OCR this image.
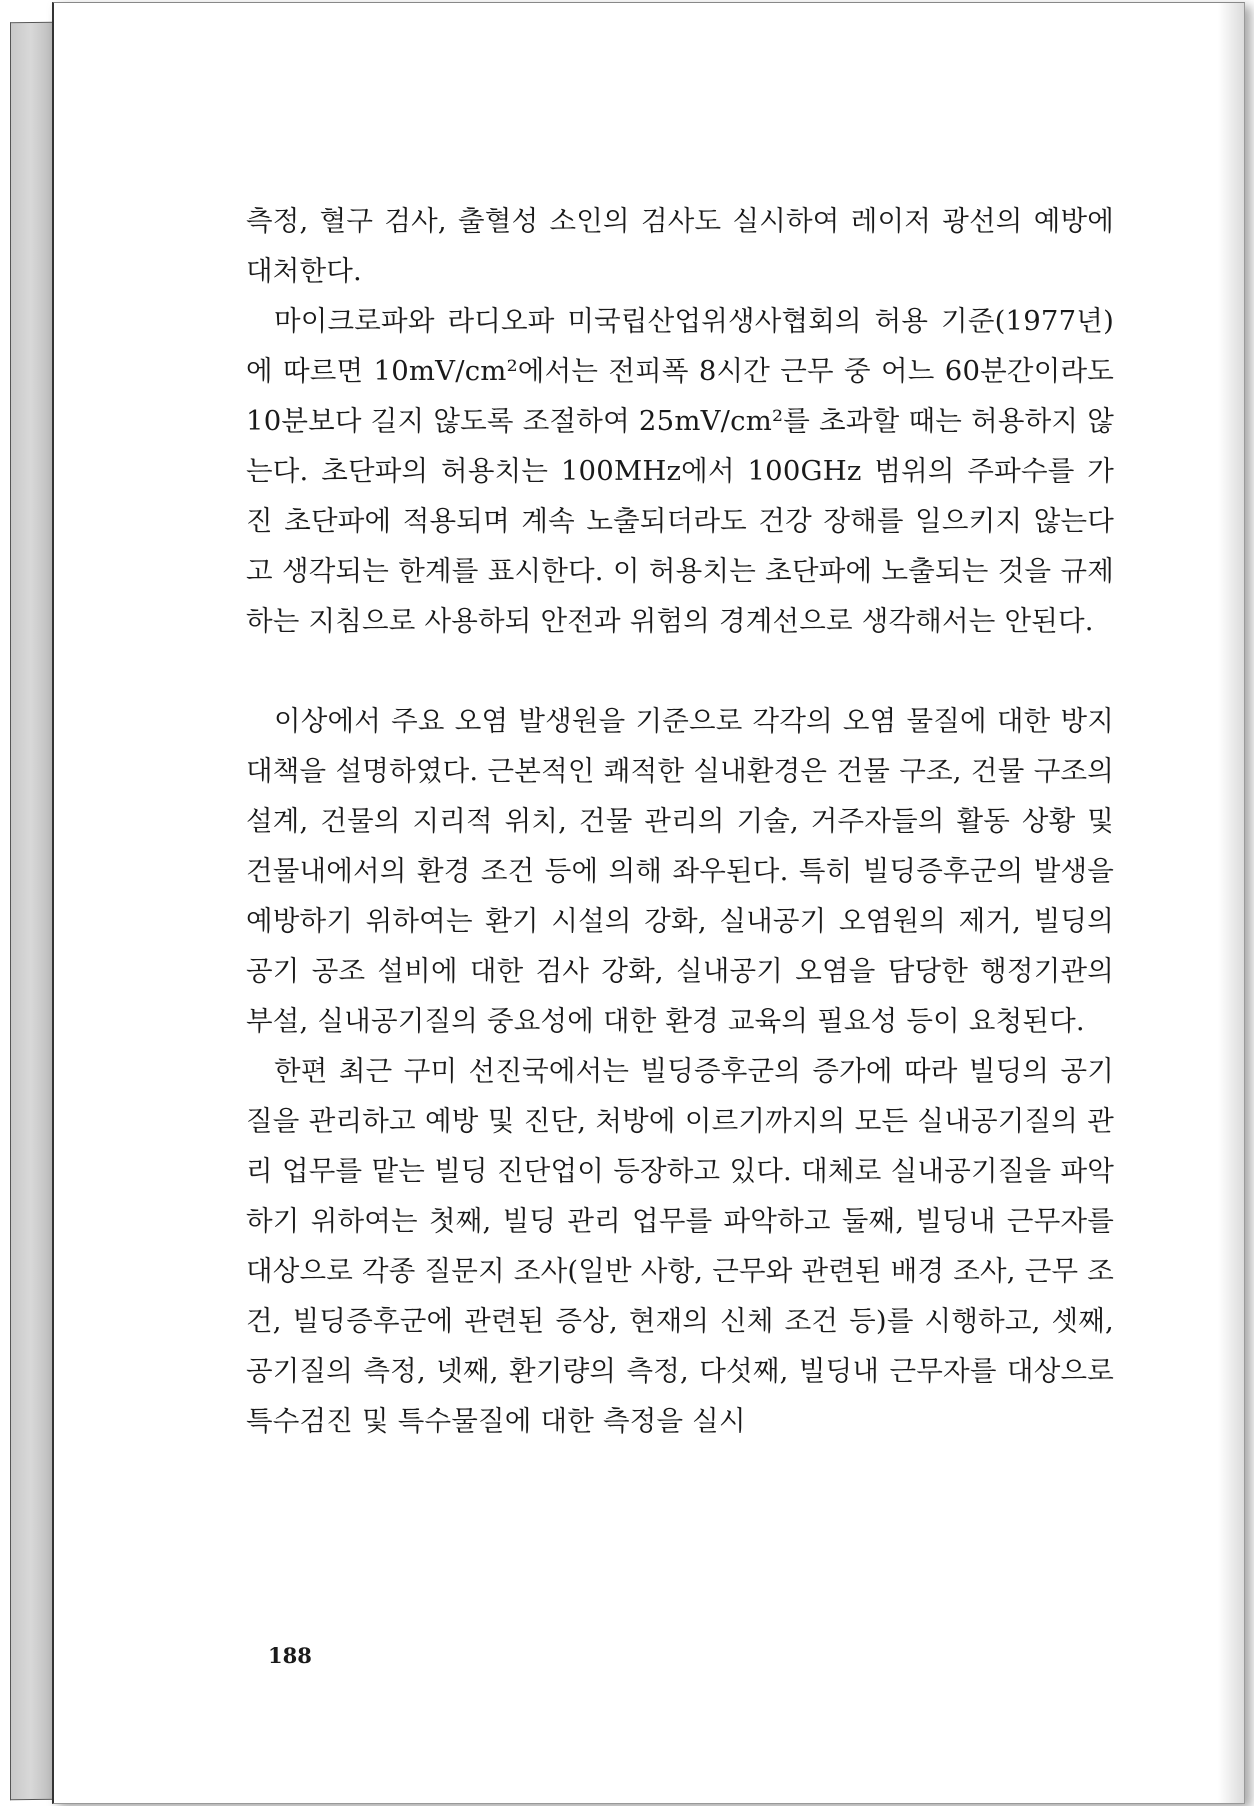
측정, 혈구 검사, 출혈성 소인의 검사도 실시하여 레이저 광선의 예방에 대처한다.

마이크로파와 라디오파 미국립산업위생사협회의 허용 기준(1977년)에 따르면 10mV/cm²에서는 전피폭 8시간 근무 중 어느 60분간이라도 10분보다 길지 않도록 조절하여 25mV/cm²를 초과할 때는 허용하지 않는다. 초단파의 허용치는 100MHz에서 100GHz 범위의 주파수를 가진 초단파에 적용되며 계속 노출되더라도 건강 장해를 일으키지 않는다고 생각되는 한계를 표시한다. 이 허용치는 초단파에 노출되는 것을 규제하는 지침으로 사용하되 안전과 위험의 경계선으로 생각해서는 안된다.

이상에서 주요 오염 발생원을 기준으로 각각의 오염 물질에 대한 방지 대책을 설명하였다. 근본적인 쾌적한 실내환경은 건물 구조, 건물 구조의 설계, 건물의 지리적 위치, 건물 관리의 기술, 거주자들의 활동 상황 및 건물내에서의 환경 조건 등에 의해 좌우된다. 특히 빌딩증후군의 발생을 예방하기 위하여는 환기 시설의 강화, 실내공기 오염원의 제거, 빌딩의 공기 공조 설비에 대한 검사 강화, 실내공기 오염을 담당한 행정기관의 부설, 실내공기질의 중요성에 대한 환경 교육의 필요성 등이 요청된다.

한편 최근 구미 선진국에서는 빌딩증후군의 증가에 따라 빌딩의 공기질을 관리하고 예방 및 진단, 처방에 이르기까지의 모든 실내공기질의 관리 업무를 맡는 빌딩 진단업이 등장하고 있다. 대체로 실내공기질을 파악하기 위하여는 첫째, 빌딩 관리 업무를 파악하고 둘째, 빌딩내 근무자를 대상으로 각종 질문지 조사(일반 사항, 근무와 관련된 배경 조사, 근무 조건, 빌딩증후군에 관련된 증상, 현재의 신체 조건 등)를 시행하고, 셋째, 공기질의 측정, 넷째, 환기량의 측정, 다섯째, 빌딩내 근무자를 대상으로 특수검진 및 특수물질에 대한 측정을 실시

188
